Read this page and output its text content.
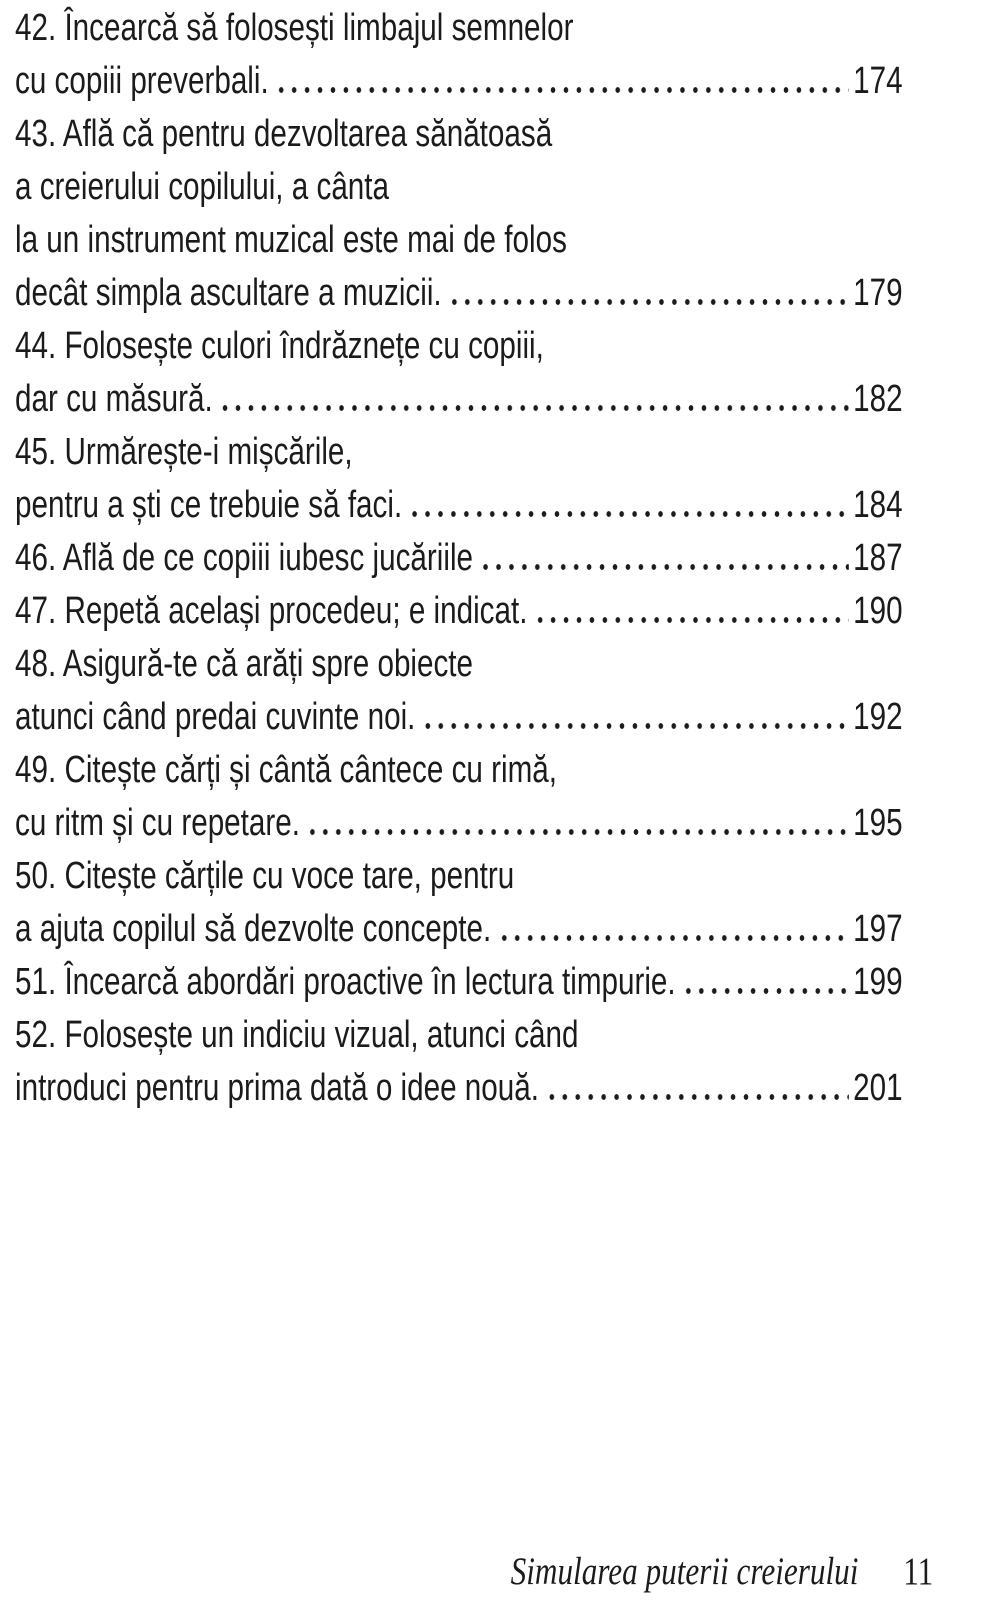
42. Încearcă să folosești limbajul semnelor
cu copiii preverbali.	174
43. Află că pentru dezvoltarea sănătoasă
a creierului copilului, a cânta
la un instrument muzical este mai de folos
decât simpla ascultare a muzicii.	179
44. Folosește culori îndrăznețe cu copiii,
dar cu măsură.	182
45. Urmărește-i mișcările,
pentru a ști ce trebuie să faci.	184
46. Află de ce copiii iubesc jucăriile	187
47. Repetă același procedeu; e indicat.	190
48. Asigură-te că arăți spre obiecte
atunci când predai cuvinte noi.	192
49. Citește cărți și cântă cântece cu rimă,
cu ritm și cu repetare.	195
50. Citește cărțile cu voce tare, pentru
a ajuta copilul să dezvolte concepte.	197
51. Încearcă abordări proactive în lectura timpurie.	199
52. Folosește un indiciu vizual, atunci când
introduci pentru prima dată o idee nouă.	201
Simularea puterii creierului 11
